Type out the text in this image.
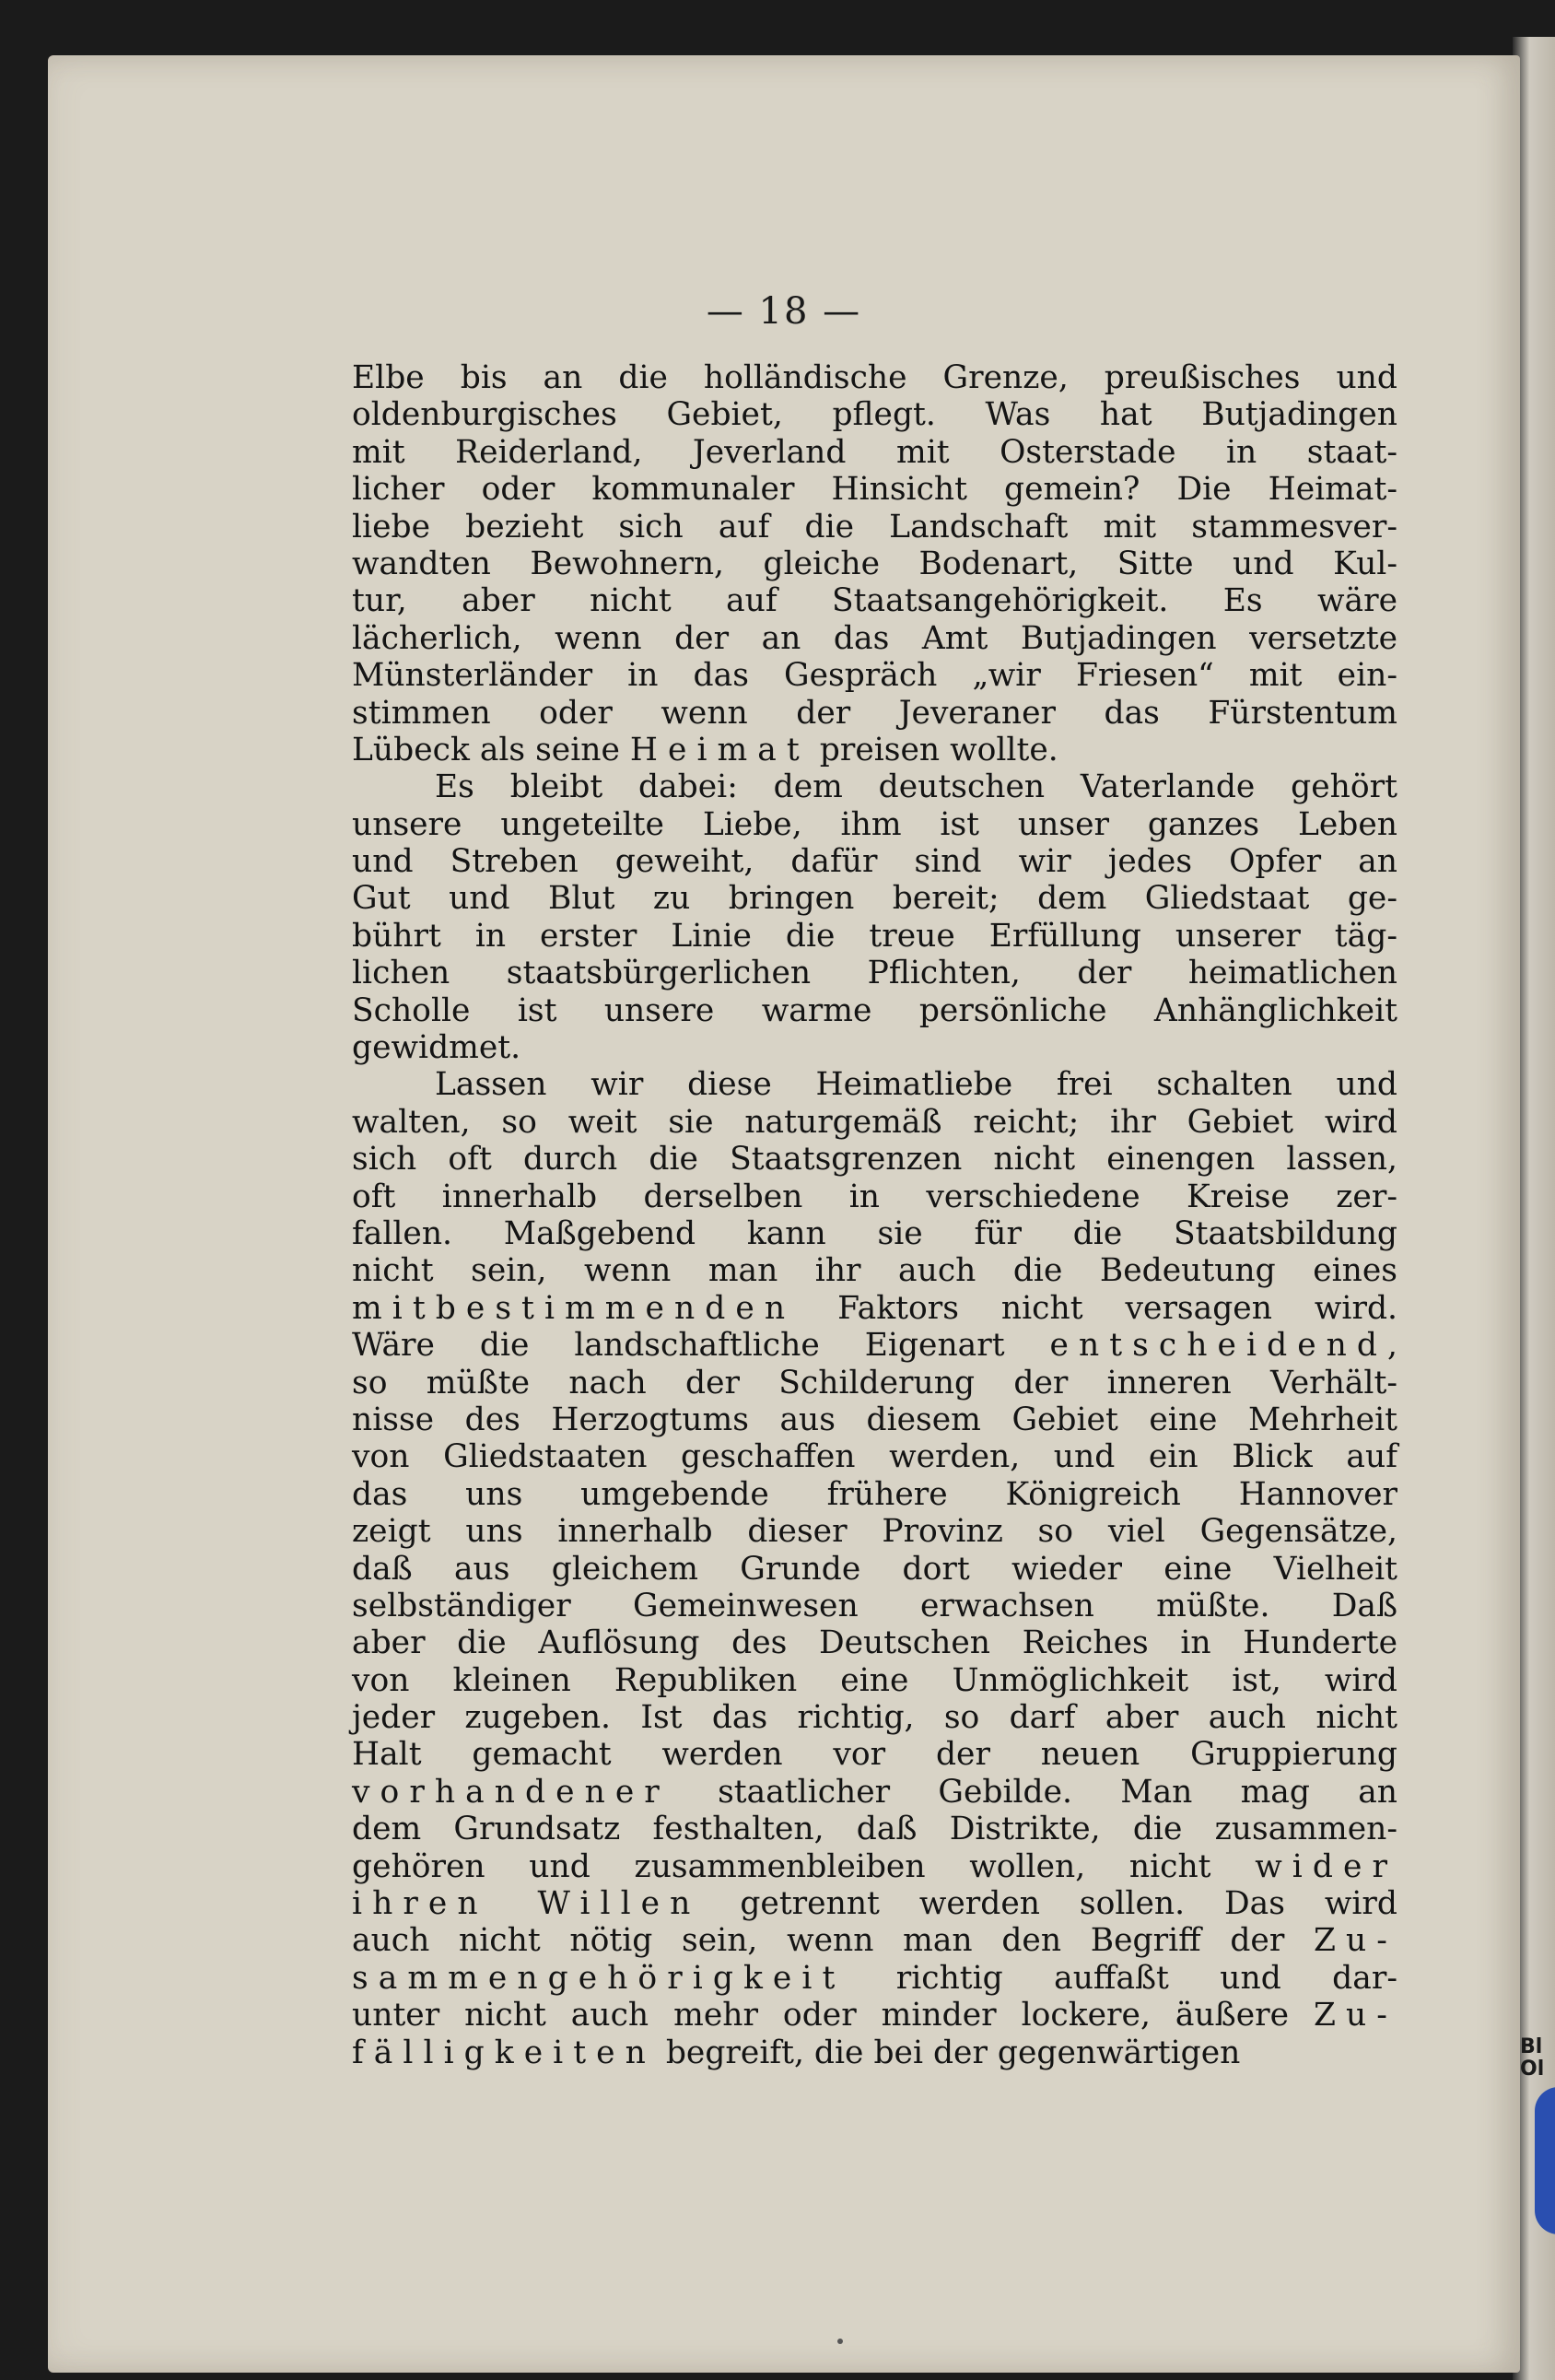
— 18 —
Elbe bis an die holländische Grenze, preußisches und
oldenburgisches Gebiet, pflegt. Was hat Butjadingen
mit Reiderland, Jeverland mit Osterstade in staat-
licher oder kommunaler Hinsicht gemein? Die Heimat-
liebe bezieht sich auf die Landschaft mit stammesver-
wandten Bewohnern, gleiche Bodenart, Sitte und Kul-
tur, aber nicht auf Staatsangehörigkeit. Es wäre
lächerlich, wenn der an das Amt Butjadingen versetzte
Münsterländer in das Gespräch „wir Friesen“ mit ein-
stimmen oder wenn der Jeveraner das Fürstentum
Lübeck als seine Heimat preisen wollte.
Es bleibt dabei: dem deutschen Vaterlande gehört
unsere ungeteilte Liebe, ihm ist unser ganzes Leben
und Streben geweiht, dafür sind wir jedes Opfer an
Gut und Blut zu bringen bereit; dem Gliedstaat ge-
bührt in erster Linie die treue Erfüllung unserer täg-
lichen staatsbürgerlichen Pflichten, der heimatlichen
Scholle ist unsere warme persönliche Anhänglichkeit
gewidmet.
Lassen wir diese Heimatliebe frei schalten und
walten, so weit sie naturgemäß reicht; ihr Gebiet wird
sich oft durch die Staatsgrenzen nicht einengen lassen,
oft innerhalb derselben in verschiedene Kreise zer-
fallen. Maßgebend kann sie für die Staatsbildung
nicht sein, wenn man ihr auch die Bedeutung eines
mitbestimmenden Faktors nicht versagen wird.
Wäre die landschaftliche Eigenart entscheidend,
so müßte nach der Schilderung der inneren Verhält-
nisse des Herzogtums aus diesem Gebiet eine Mehrheit
von Gliedstaaten geschaffen werden, und ein Blick auf
das uns umgebende frühere Königreich Hannover
zeigt uns innerhalb dieser Provinz so viel Gegensätze,
daß aus gleichem Grunde dort wieder eine Vielheit
selbständiger Gemeinwesen erwachsen müßte. Daß
aber die Auflösung des Deutschen Reiches in Hunderte
von kleinen Republiken eine Unmöglichkeit ist, wird
jeder zugeben. Ist das richtig, so darf aber auch nicht
Halt gemacht werden vor der neuen Gruppierung
vorhandener staatlicher Gebilde. Man mag an
dem Grundsatz festhalten, daß Distrikte, die zusammen-
gehören und zusammenbleiben wollen, nicht wider
ihren Willen getrennt werden sollen. Das wird
auch nicht nötig sein, wenn man den Begriff der Zu-
sammengehörigkeit richtig auffaßt und dar-
unter nicht auch mehr oder minder lockere, äußere Zu-
fälligkeiten begreift, die bei der gegenwärtigen	Bl
Ol
